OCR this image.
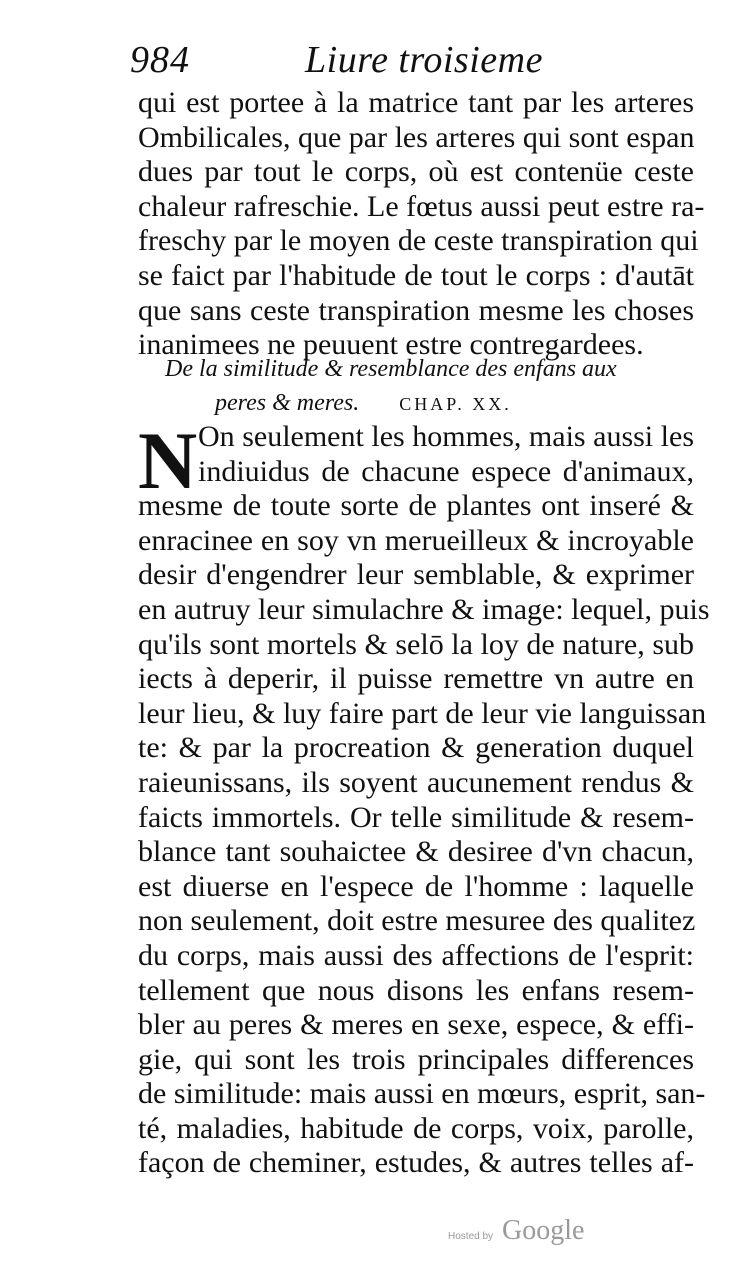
984	Liure troisieme
qui est portee à la matrice tant par les arteres
Ombilicales, que par les arteres qui sont espan
dues par tout le corps, où est contenüe ceste
chaleur rafreschie. Le fœtus aussi peut estre ra-
freschy par le moyen de ceste transpiration qui
se faict par l'habitude de tout le corps : d'autāt
que sans ceste transpiration mesme les choses
inanimees ne peuuent estre contregardees.
De la similitude & resemblance des enfans aux
peres & meres. CHAP. XX.
N On seulement les hommes, mais aussi les
indiuidus de chacune espece d'animaux,
mesme de toute sorte de plantes ont inseré &
enracinee en soy vn merueilleux & incroyable
desir d'engendrer leur semblable, & exprimer
en autruy leur simulachre & image: lequel, puis
qu'ils sont mortels & selō la loy de nature, sub
iects à deperir, il puisse remettre vn autre en
leur lieu, & luy faire part de leur vie languissan
te: & par la procreation & generation duquel
raieunissans, ils soyent aucunement rendus &
faicts immortels. Or telle similitude & resem-
blance tant souhaictee & desiree d'vn chacun,
est diuerse en l'espece de l'homme : laquelle
non seulement, doit estre mesuree des qualitez
du corps, mais aussi des affections de l'esprit:
tellement que nous disons les enfans resem-
bler au peres & meres en sexe, espece, & effi-
gie, qui sont les trois principales differences
de similitude: mais aussi en mœurs, esprit, san-
té, maladies, habitude de corps, voix, parolle,
façon de cheminer, estudes, & autres telles af-
Hosted by Google
